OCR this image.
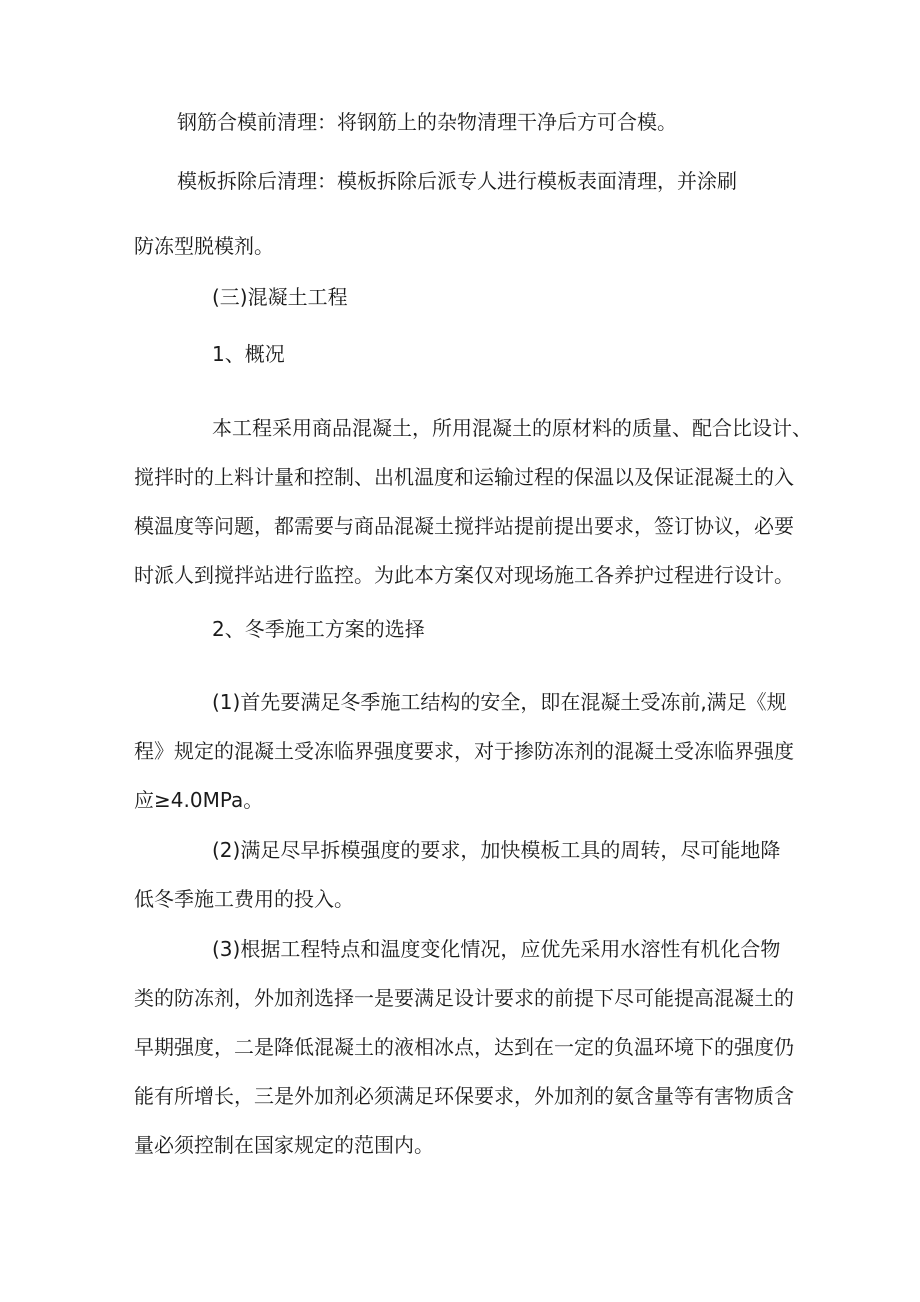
钢筋合模前清理：将钢筋上的杂物清理干净后方可合模。
模板拆除后清理：模板拆除后派专人进行模板表面清理，并涂刷
防冻型脱模剂。
(三)混凝土工程
1、概况
本工程采用商品混凝土，所用混凝土的原材料的质量、配合比设计、
搅拌时的上料计量和控制、出机温度和运输过程的保温以及保证混凝土的入
模温度等问题，都需要与商品混凝土搅拌站提前提出要求，签订协议，必要
时派人到搅拌站进行监控。为此本方案仅对现场施工各养护过程进行设计。
2、冬季施工方案的选择
(1)首先要满足冬季施工结构的安全，即在混凝土受冻前,满足《规
程》规定的混凝土受冻临界强度要求，对于掺防冻剂的混凝土受冻临界强度
应≥4.0MPa。
(2)满足尽早拆模强度的要求，加快模板工具的周转，尽可能地降
低冬季施工费用的投入。
(3)根据工程特点和温度变化情况，应优先采用水溶性有机化合物
类的防冻剂，外加剂选择一是要满足设计要求的前提下尽可能提高混凝土的
早期强度，二是降低混凝土的液相冰点，达到在一定的负温环境下的强度仍
能有所增长，三是外加剂必须满足环保要求，外加剂的氨含量等有害物质含
量必须控制在国家规定的范围内。
